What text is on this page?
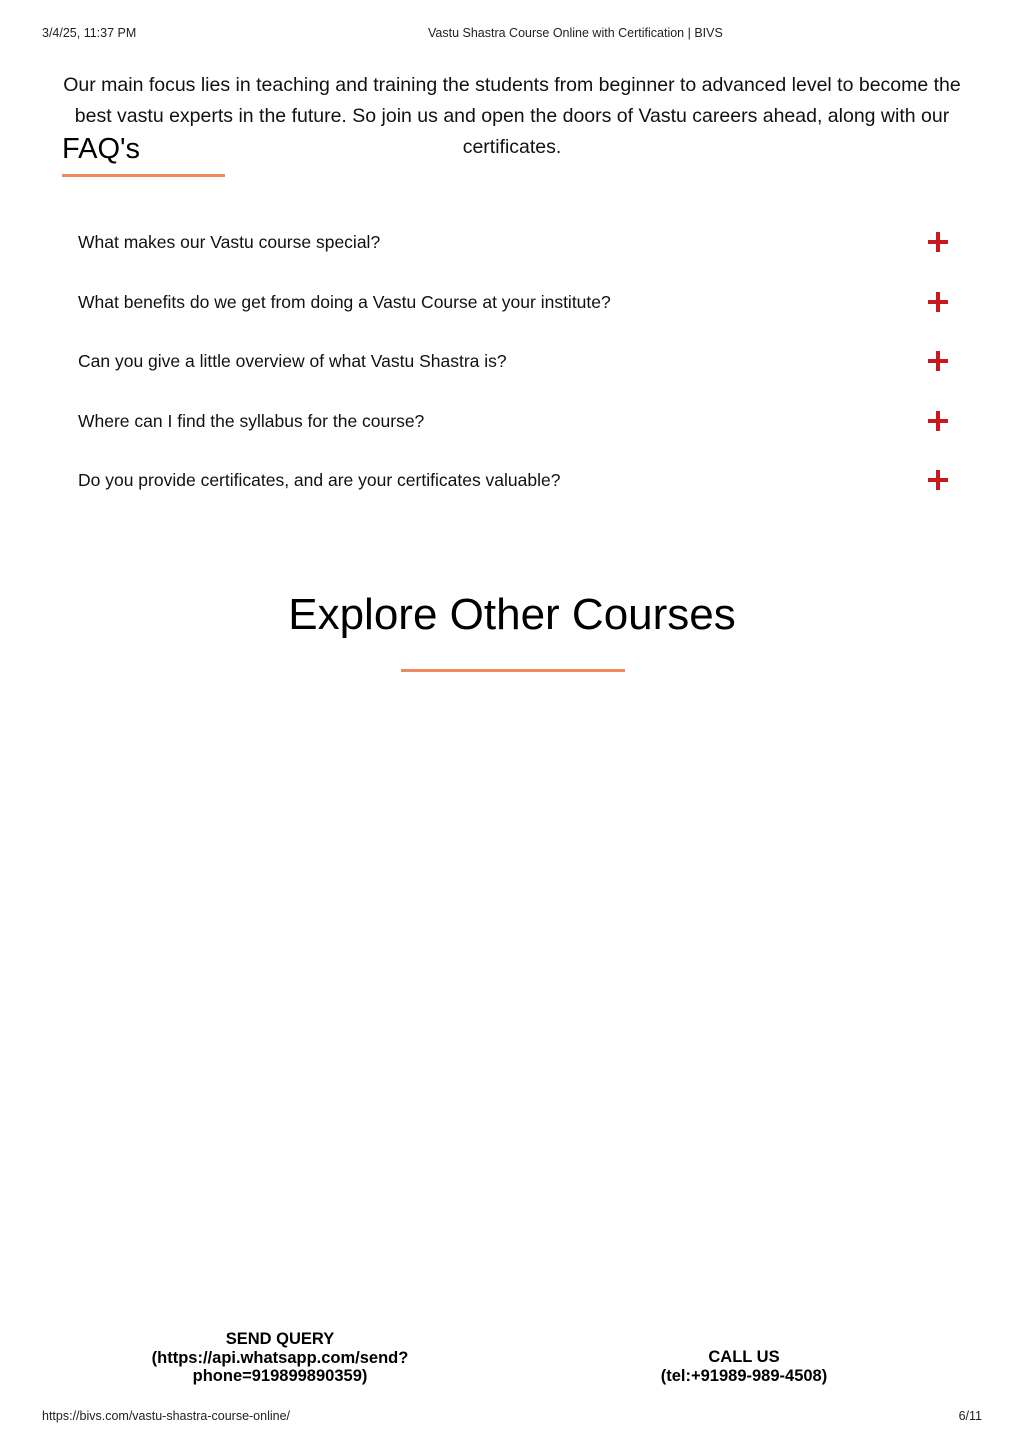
3/4/25, 11:37 PM	Vastu Shastra Course Online with Certification | BIVS

Our main focus lies in teaching and training the students from beginner to advanced level to become the best vastu experts in the future. So join us and open the doors of Vastu careers ahead, along with our certificates.

FAQ's
What makes our Vastu course special?
What benefits do we get from doing a Vastu Course at your institute?
Can you give a little overview of what Vastu Shastra is?
Where can I find the syllabus for the course?
Do you provide certificates, and are your certificates valuable?
Explore Other Courses
SEND QUERY
(https://api.whatsapp.com/send?
phone=919899890359)
CALL US
(tel:+91989-989-4508)
https://bivs.com/vastu-shastra-course-online/	6/11
